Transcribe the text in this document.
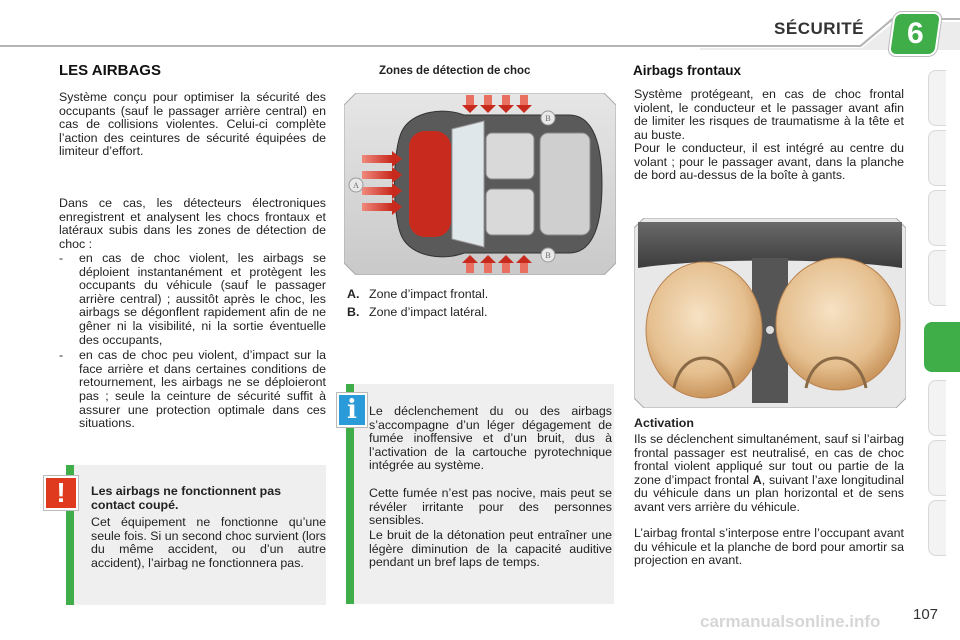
SÉCURITÉ 6
LES AIRBAGS

Système conçu pour optimiser la sécurité des occupants (sauf le passager arrière central) en cas de collisions violentes. Celui-ci complète l’action des ceintures de sécurité équipées de limiteur d’effort.

Dans ce cas, les détecteurs électroniques enregistrent et analysent les chocs frontaux et latéraux subis dans les zones de détection de choc :

- en cas de choc violent, les airbags se déploient instantanément et protègent les occupants du véhicule (sauf le passager arrière central) ; aussitôt après le choc, les airbags se dégonflent rapidement afin de ne gêner ni la visibilité, ni la sortie éventuelle des occupants,
- en cas de choc peu violent, d’impact sur la face arrière et dans certaines conditions de retournement, les airbags ne se déploieront pas ; seule la ceinture de sécurité suffit à assurer une protection optimale dans ces situations.
Les airbags ne fonctionnent pas contact coupé.
Cet équipement ne fonctionne qu’une seule fois. Si un second choc survient (lors du même accident, ou d’un autre accident), l’airbag ne fonctionnera pas.
!
Zones de détection de choc
A
B
B
A. Zone d’impact frontal.
B. Zone d’impact latéral.

Le déclenchement du ou des airbags s’accompagne d’un léger dégagement de fumée inoffensive et d’un bruit, dus à l’activation de la cartouche pyrotechnique intégrée au système.

Cette fumée n’est pas nocive, mais peut se révéler irritante pour des personnes sensibles.

Le bruit de la détonation peut entraîner une légère diminution de la capacité auditive pendant un bref laps de temps.

i
Airbags frontaux

Système protégeant, en cas de choc frontal violent, le conducteur et le passager avant afin de limiter les risques de traumatisme à la tête et au buste.

Pour le conducteur, il est intégré au centre du volant ; pour le passager avant, dans la planche de bord au-dessus de la boîte à gants.

Activation

Ils se déclenchent simultanément, sauf si l’airbag frontal passager est neutralisé, en cas de choc frontal violent appliqué sur tout ou partie de la zone d’impact frontal A, suivant l’axe longitudinal du véhicule dans un plan horizontal et de sens avant vers arrière du véhicule.

L’airbag frontal s’interpose entre l’occupant avant du véhicule et la planche de bord pour amortir sa projection en avant.

carmanualsonline.info 107
